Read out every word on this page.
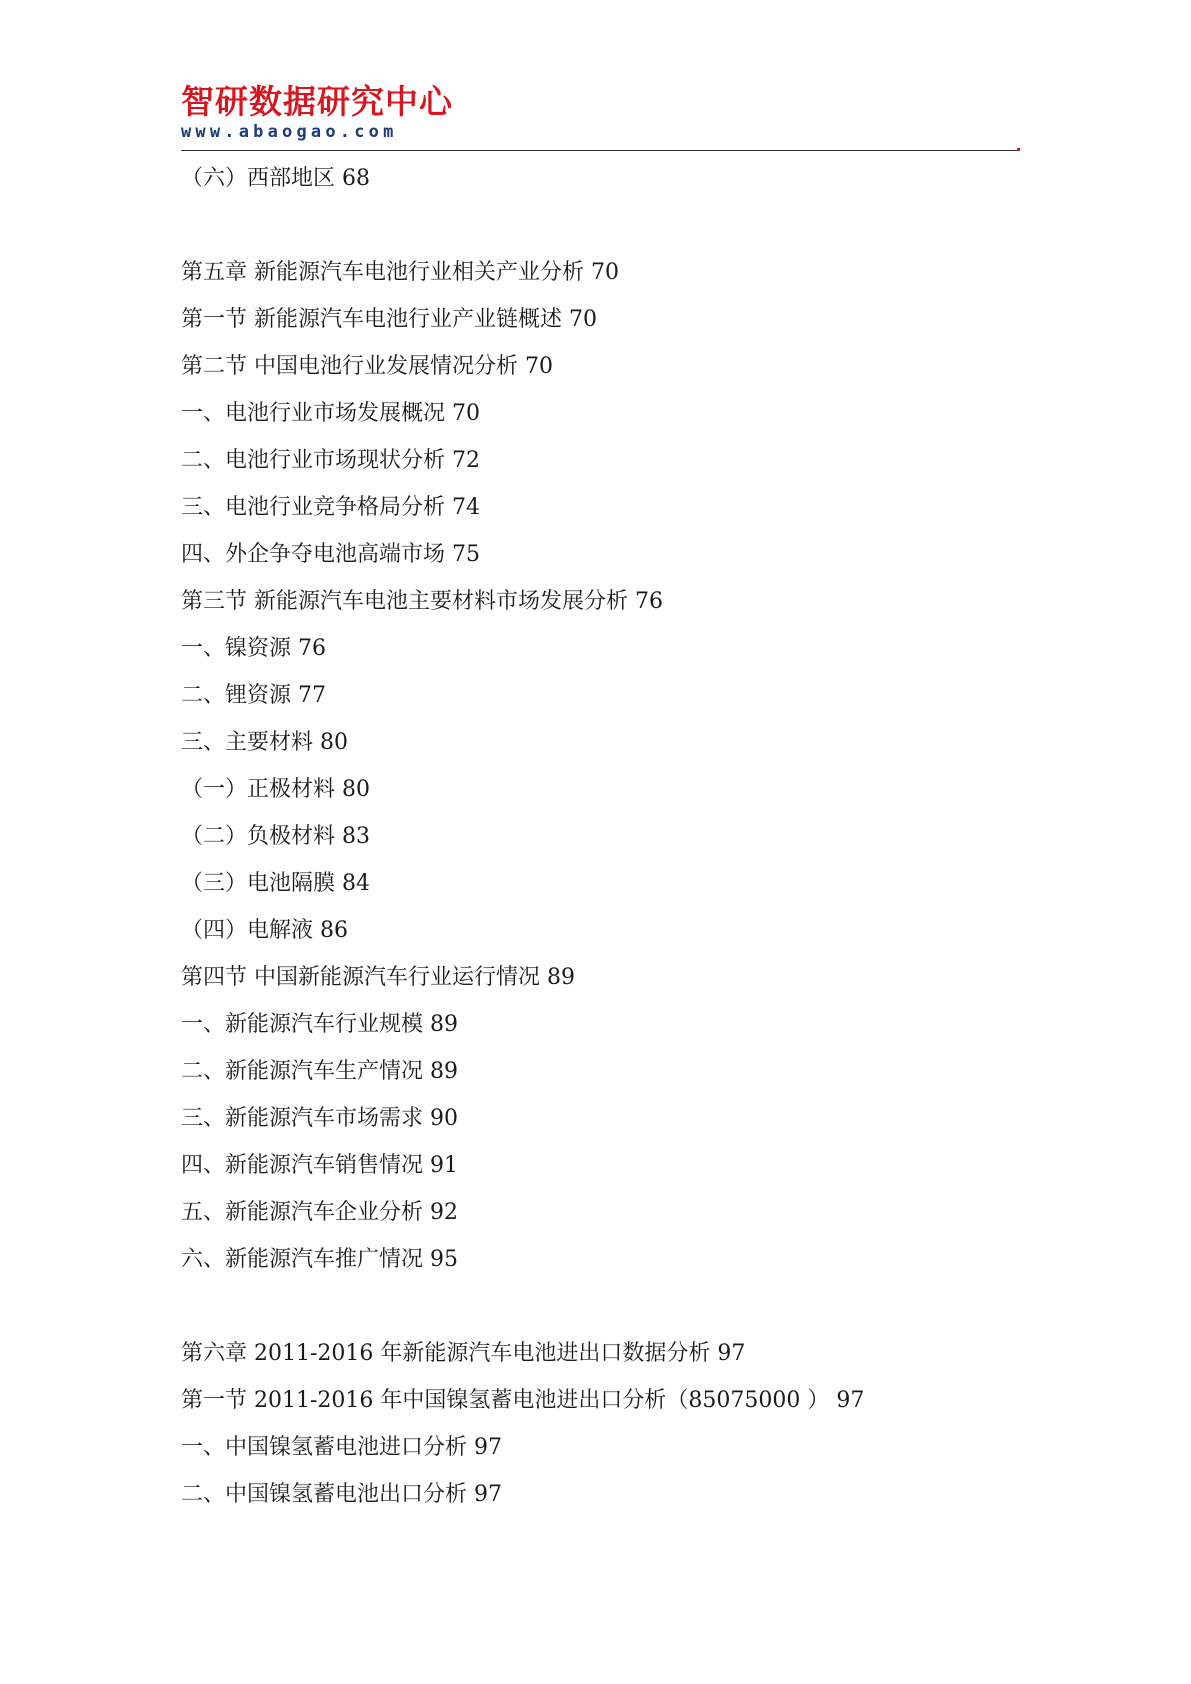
智研数据研究中心
www.abaogao.com
（六）西部地区 68
第五章 新能源汽车电池行业相关产业分析 70
第一节 新能源汽车电池行业产业链概述 70
第二节 中国电池行业发展情况分析 70
一、电池行业市场发展概况 70
二、电池行业市场现状分析 72
三、电池行业竞争格局分析 74
四、外企争夺电池高端市场 75
第三节 新能源汽车电池主要材料市场发展分析 76
一、镍资源 76
二、锂资源 77
三、主要材料 80
（一）正极材料 80
（二）负极材料 83
（三）电池隔膜 84
（四）电解液 86
第四节 中国新能源汽车行业运行情况 89
一、新能源汽车行业规模 89
二、新能源汽车生产情况 89
三、新能源汽车市场需求 90
四、新能源汽车销售情况 91
五、新能源汽车企业分析 92
六、新能源汽车推广情况 95
第六章 2011-2016 年新能源汽车电池进出口数据分析 97
第一节 2011-2016 年中国镍氢蓄电池进出口分析（85075000 ） 97
一、中国镍氢蓄电池进口分析 97
二、中国镍氢蓄电池出口分析 97
